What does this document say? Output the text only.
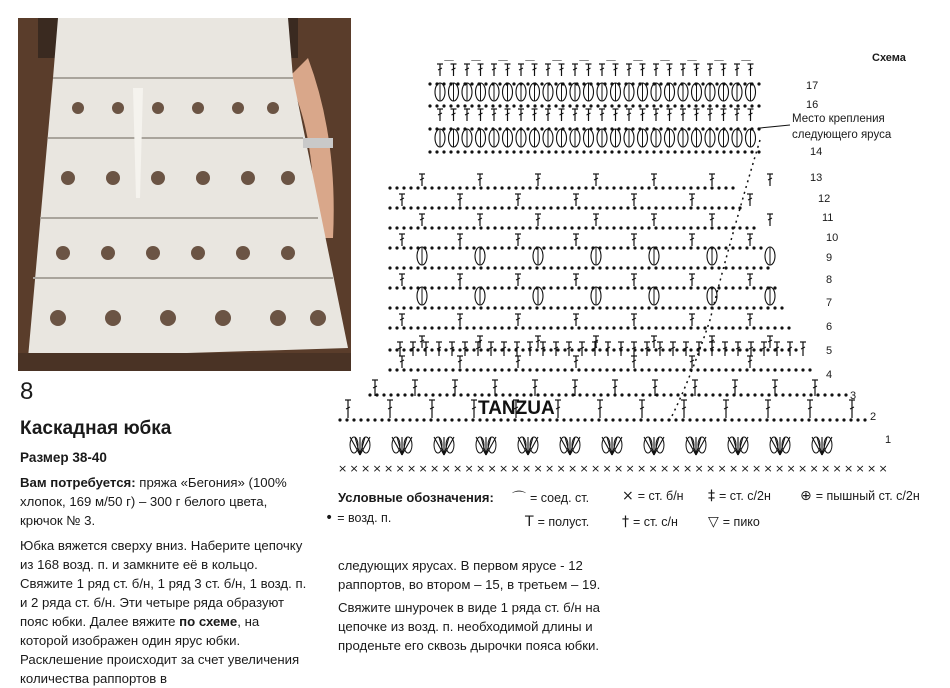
8
Каскадная юбка
Размер 38-40
Вам потребуется: пряжа «Бегония» (100% хлопок, 169 м/50 г) – 300 г белого цвета, крючок № 3.
Юбка вяжется сверху вниз. Наберите цепочку из 168 возд. п. и замкните её в кольцо. Свяжите 1 ряд ст. б/н, 1 ряд 3 ст. б/н, 1 возд. п. и 2 ряда ст. б/н. Эти четыре ряда образуют пояс юбки. Далее вяжите по схеме, на которой изображен один ярус юбки. Расклешение происходит за счет увеличения количества раппортов в
следующих ярусах. В первом ярусе - 12 раппортов, во втором – 15, в третьем – 19.
Свяжите шнурочек в виде 1 ряда ст. б/н на цепочке из возд. п. необходимой длины и проденьте его сквозь дырочки пояса юбки.
Схема
Место крепления
следующего яруса
17
16
14
13
12
11
10
9
8
7
6
5
4
3
2
1
× × × × × × × × × × × × × × × × × × × × × × × × × × × × × × × × × × × × × × × × × × × × × × × ×
TANZUA
Условные обозначения: ⌒ = соед. ст. × = ст. б/н ‡ = ст. с/2н ⊕ = пышный ст. с/2н
• = возд. п.	T = полуст. † = ст. с/н ▽ = пико
